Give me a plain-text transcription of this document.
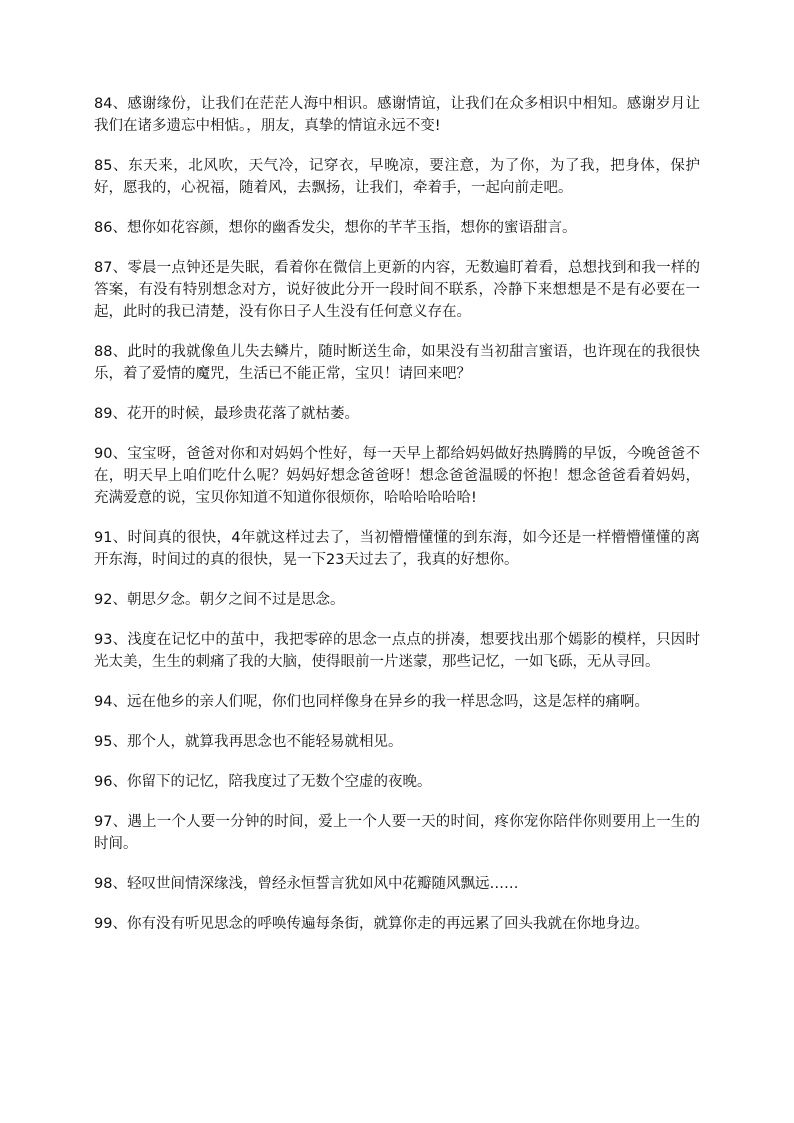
84、感谢缘份，让我们在茫茫人海中相识。感谢情谊，让我们在众多相识中相知。感谢岁月让我们在诸多遗忘中相惦。，朋友，真挚的情谊永远不变!

85、东天来，北风吹，天气冷，记穿衣，早晚凉，要注意，为了你，为了我，把身体，保护好，愿我的，心祝福，随着风，去飘扬，让我们，牵着手，一起向前走吧。

86、想你如花容颜，想你的幽香发尖，想你的芊芊玉指，想你的蜜语甜言。

87、零晨一点钟还是失眠，看着你在微信上更新的内容，无数遍盯着看，总想找到和我一样的答案，有没有特别想念对方，说好彼此分开一段时间不联系，冷静下来想想是不是有必要在一起，此时的我已清楚，没有你日子人生没有任何意义存在。

88、此时的我就像鱼儿失去鳞片，随时断送生命，如果没有当初甜言蜜语，也许现在的我很快乐，着了爱情的魔咒，生活已不能正常，宝贝！请回来吧？

89、花开的时候，最珍贵花落了就枯萎。

90、宝宝呀，爸爸对你和对妈妈个性好，每一天早上都给妈妈做好热腾腾的早饭，今晚爸爸不在，明天早上咱们吃什么呢？妈妈好想念爸爸呀！想念爸爸温暖的怀抱！想念爸爸看着妈妈，充满爱意的说，宝贝你知道不知道你很烦你，哈哈哈哈哈哈!

91、时间真的很快，4年就这样过去了，当初懵懵懂懂的到东海，如今还是一样懵懵懂懂的离开东海，时间过的真的很快，晃一下23天过去了，我真的好想你。

92、朝思夕念。朝夕之间不过是思念。

93、浅度在记忆中的茧中，我把零碎的思念一点点的拼凑，想要找出那个嫣影的模样，只因时光太美，生生的刺痛了我的大脑，使得眼前一片迷蒙，那些记忆，一如飞砾，无从寻回。

94、远在他乡的亲人们呢，你们也同样像身在异乡的我一样思念吗，这是怎样的痛啊。

95、那个人，就算我再思念也不能轻易就相见。

96、你留下的记忆，陪我度过了无数个空虚的夜晚。

97、遇上一个人要一分钟的时间，爱上一个人要一天的时间，疼你宠你陪伴你则要用上一生的时间。

98、轻叹世间情深缘浅，曾经永恒誓言犹如风中花瓣随风飘远……

99、你有没有听见思念的呼唤传遍每条街，就算你走的再远累了回头我就在你地身边。
